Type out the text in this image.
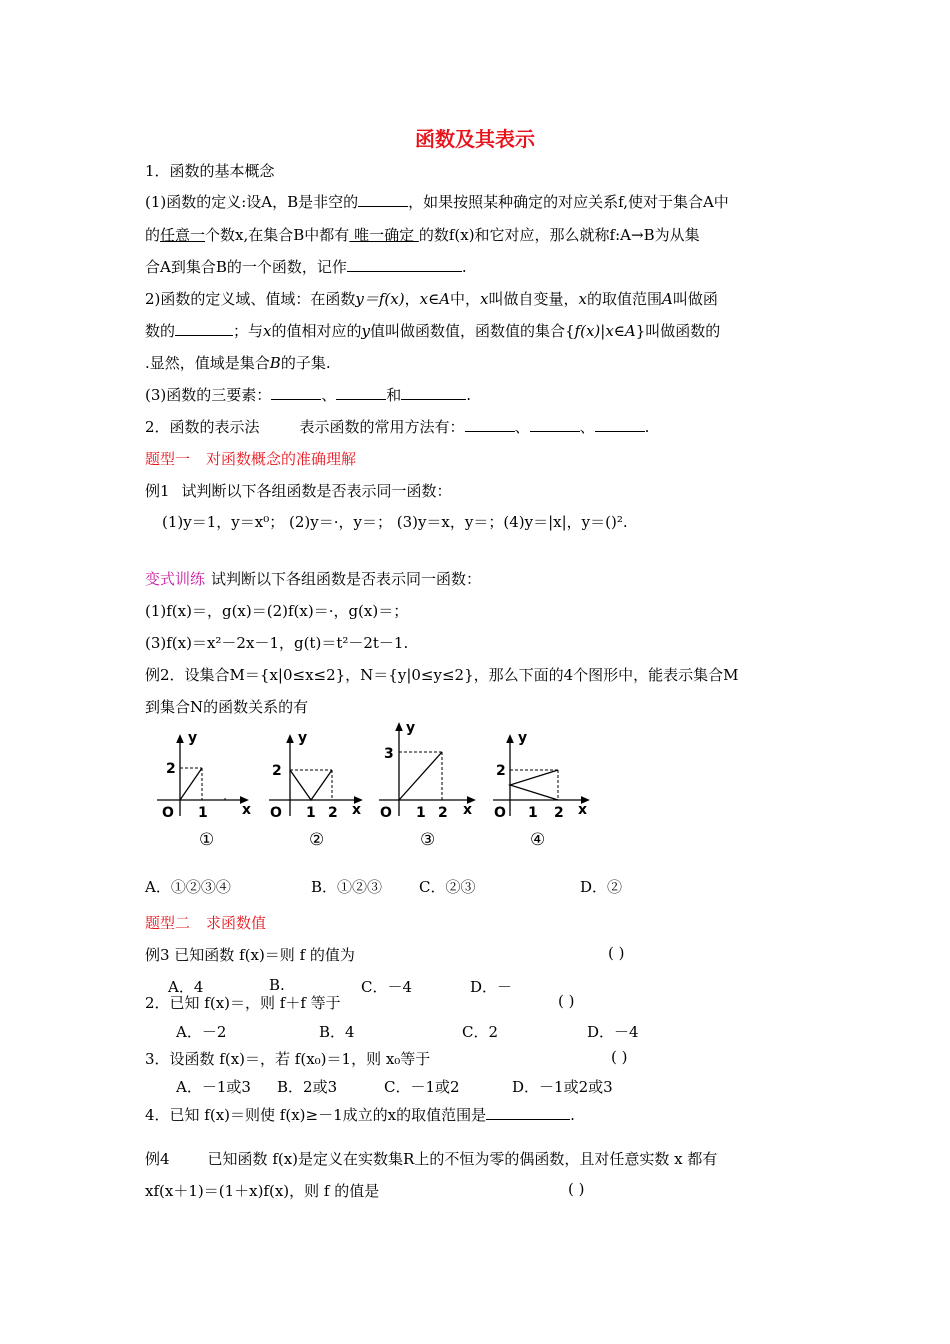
函数及其表示
1．函数的基本概念
(1)函数的定义:设A，B是非空的	，如果按照某种确定的对应关系f,使对于集合A中
的任意一个数x,在集合B中都有 唯一确定 的数f(x)和它对应，那么就称f:A→B为从集
合A到集合B的一个函数，记作	.
2)函数的定义域、值域：在函数y＝f(x)，x∈A中，x叫做自变量，x的取值范围A叫做函
数的	；与x的值相对应的y值叫做函数值，函数值的集合{f(x)|x∈A}叫做函数的
.显然，值域是集合B的子集.
(3)函数的三要素：	、	和	.
2．函数的表示法	表示函数的常用方法有：	、	、	.
题型一 对函数概念的准确理解
例1 试判断以下各组函数是否表示同一函数：
(1)y＝1，y＝x⁰； (2)y＝·，y＝； (3)y＝x，y＝；(4)y＝|x|，y＝()².
变式训练 试判断以下各组函数是否表示同一函数：
(1)f(x)＝，g(x)＝(2)f(x)＝·，g(x)＝；
(3)f(x)＝x²－2x－1，g(t)＝t²－2t－1.
例2．设集合M＝{x|0≤x≤2}，N＝{y|0≤y≤2}，那么下面的4个图形中，能表示集合M
到集合N的函数关系的有
y
2
O 1 x
①
y
2
O 1 2 x
②
y
3
O 1 2 x
③
y
2
O 1 2 x
④
A．①②③④	B．①②③ C．②③	D．②
题型二 求函数值
例3 已知函数 f(x)＝则 f 的值为	( )
A．4	B.	C．－4	D．－
2．已知 f(x)＝，则 f＋f 等于	( )
A．－2	B．4	C．2	D．－4
3．设函数 f(x)＝，若 f(x₀)＝1，则 x₀等于	( )
A．－1或3 B．2或3	C．－1或2	D．－1或2或3
4．已知 f(x)＝则使 f(x)≥－1成立的x的取值范围是	.
例4	已知函数 f(x)是定义在实数集R上的不恒为零的偶函数，且对任意实数 x 都有
xf(x＋1)＝(1＋x)f(x)，则 f 的值是	( )
